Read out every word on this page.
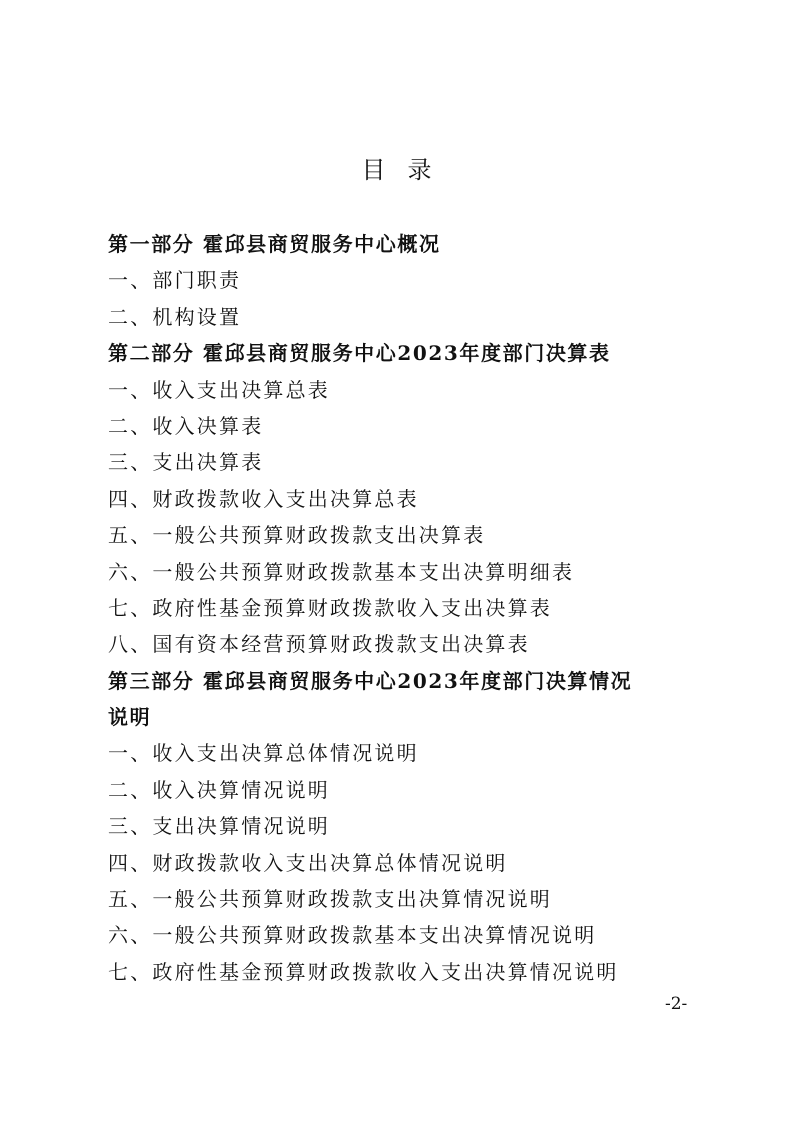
目录
第一部分 霍邱县商贸服务中心概况
一、部门职责
二、机构设置
第二部分 霍邱县商贸服务中心2023年度部门决算表
一、收入支出决算总表
二、收入决算表
三、支出决算表
四、财政拨款收入支出决算总表
五、一般公共预算财政拨款支出决算表
六、一般公共预算财政拨款基本支出决算明细表
七、政府性基金预算财政拨款收入支出决算表
八、国有资本经营预算财政拨款支出决算表
第三部分 霍邱县商贸服务中心2023年度部门决算情况
说明
一、收入支出决算总体情况说明
二、收入决算情况说明
三、支出决算情况说明
四、财政拨款收入支出决算总体情况说明
五、一般公共预算财政拨款支出决算情况说明
六、一般公共预算财政拨款基本支出决算情况说明
七、政府性基金预算财政拨款收入支出决算情况说明
-2-
